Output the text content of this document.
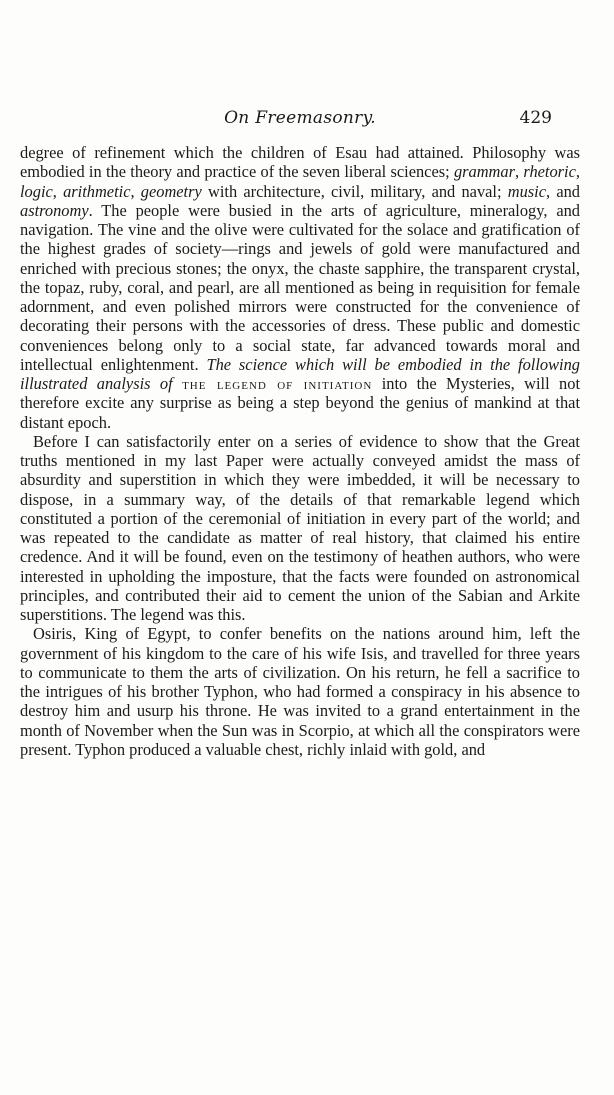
On Freemasonry.	429

degree of refinement which the children of Esau had attained. Philosophy was embodied in the theory and practice of the seven liberal sciences; grammar, rhetoric, logic, arithmetic, geometry with architecture, civil, military, and naval; music, and astronomy. The people were busied in the arts of agriculture, mineralogy, and navigation. The vine and the olive were cultivated for the solace and gratification of the highest grades of society—rings and jewels of gold were manufactured and enriched with precious stones; the onyx, the chaste sapphire, the transparent crystal, the topaz, ruby, coral, and pearl, are all mentioned as being in requisition for female adornment, and even polished mirrors were constructed for the convenience of decorating their persons with the accessories of dress. These public and domestic conveniences belong only to a social state, far advanced towards moral and intellectual enlightenment. The science which will be embodied in the following illustrated analysis of the legend of initiation into the Mysteries, will not therefore excite any surprise as being a step beyond the genius of mankind at that distant epoch.

Before I can satisfactorily enter on a series of evidence to show that the Great truths mentioned in my last Paper were actually conveyed amidst the mass of absurdity and superstition in which they were imbedded, it will be necessary to dispose, in a summary way, of the details of that remarkable legend which constituted a portion of the ceremonial of initiation in every part of the world; and was repeated to the candidate as matter of real history, that claimed his entire credence. And it will be found, even on the testimony of heathen authors, who were interested in upholding the imposture, that the facts were founded on astronomical principles, and contributed their aid to cement the union of the Sabian and Arkite superstitions. The legend was this.

Osiris, King of Egypt, to confer benefits on the nations around him, left the government of his kingdom to the care of his wife Isis, and travelled for three years to communicate to them the arts of civilization. On his return, he fell a sacrifice to the intrigues of his brother Typhon, who had formed a conspiracy in his absence to destroy him and usurp his throne. He was invited to a grand entertainment in the month of November when the Sun was in Scorpio, at which all the conspirators were present. Typhon produced a valuable chest, richly inlaid with gold, and
